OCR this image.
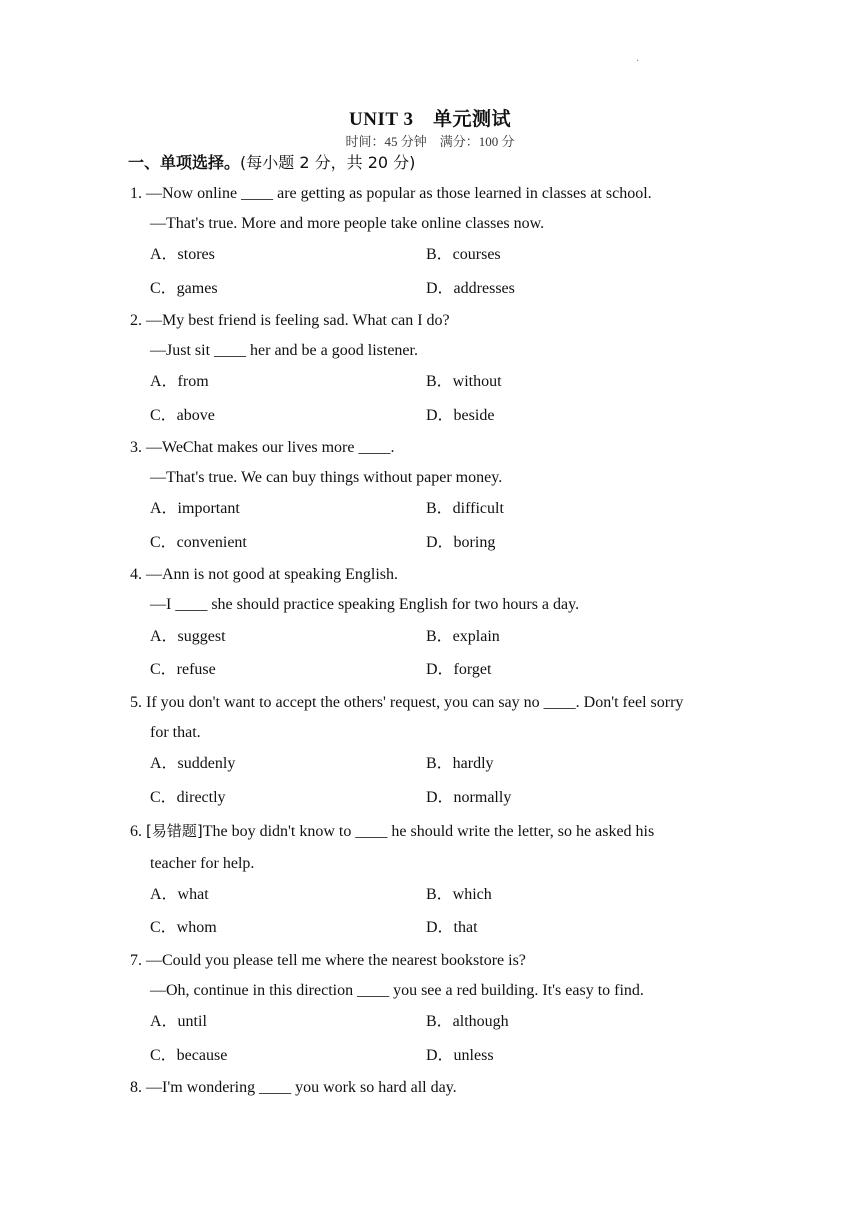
·
UNIT 3　单元测试
时间：45 分钟　满分：100 分
一、单项选择。(每小题 2 分，共 20 分)
1. —Now online ____ are getting as popular as those learned in classes at school.
—That's true. More and more people take online classes now.
A．stores	B．courses
C．games	D．addresses
2. —My best friend is feeling sad. What can I do?
—Just sit ____ her and be a good listener.
A．from	B．without
C．above	D．beside
3. —WeChat makes our lives more ____.
—That's true. We can buy things without paper money.
A．important	B．difficult
C．convenient	D．boring
4. —Ann is not good at speaking English.
—I ____ she should practice speaking English for two hours a day.
A．suggest	B．explain
C．refuse	D．forget
5. If you don't want to accept the others' request, you can say no ____. Don't feel sorry
for that.
A．suddenly	B．hardly
C．directly	D．normally
6. [易错题]The boy didn't know to ____ he should write the letter, so he asked his
teacher for help.
A．what	B．which
C．whom	D．that
7. —Could you please tell me where the nearest bookstore is?
—Oh, continue in this direction ____ you see a red building. It's easy to find.
A．until	B．although
C．because	D．unless
8. —I'm wondering ____ you work so hard all day.
